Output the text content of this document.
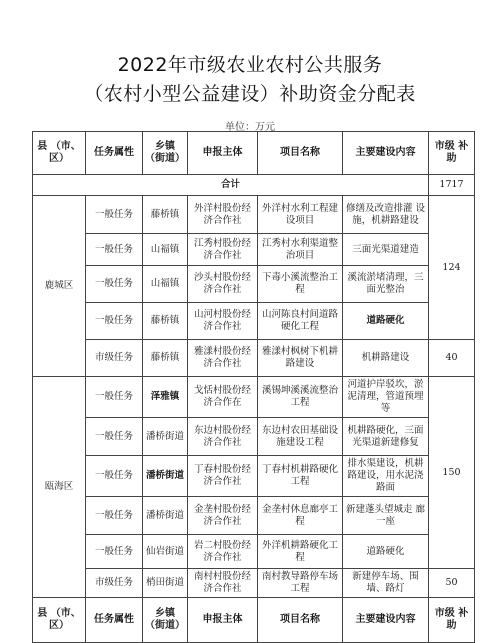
2022年市级农业农村公共服务
（农村小型公益建设）补助资金分配表
单位：万元
县 （市、区）	任务属性	乡镇 （街道）	申报主体	项目名称	主要建设内容	市级 补助
合计						1717
鹿城区	一般任务	藤桥镇	外洋村股份经济合作社	外洋村水利工程建设项目	修缮及改造排灌 设施，机耕路建设	124
	一般任务	山福镇	江秀村股份经济合作社	江秀村水利渠道整治项目	三面光渠道建造	
	一般任务	山福镇	沙头村股份经济合作社	下毒小溪流整治工程	溪流淤堵清理，三面光整治	
	一般任务	藤桥镇	山河村股份经济合作社	山河陈良村间道路硬化工程	道路硬化	
	市级任务	藤桥镇	雅漾村股份经济合作社	雅漾村枫树下机耕路建设	机耕路建设	40
瓯海区	一般任务	泽雅镇	戈恬村股份经济合作在	溪锡坤溪溪流整治工程	河道护岸驳坎，淤泥清理，管道预埋等	150
	一般任务	潘桥街道	东边村股份经济合作社	东边村农田基础设施建设工程	机耕路硬化，三面光渠道新建修复	
	一般任务	潘桥街道	丁春村股份经济合作社	丁春村机耕路硬化工程	排水渠建设，机耕路建设，用水泥浇路面	
	一般任务	潘桥街道	金垄村股份经济合作社	金垄村休息廊亭工程	新建蓬头望城走 廊一座	
	一般任务	仙岩街道	岩二村股份经济合作社	外洋机耕路硬化工程	道路硬化	
	市级任务	梢田街道	南村村股份经济合作社	南村教导路停车场工程	新建停车场、围墙、路灯	50
县 （市、区）	任务属性	乡镇 （街道）	申报主体	项目名称	主要建设内容	市级 补助
